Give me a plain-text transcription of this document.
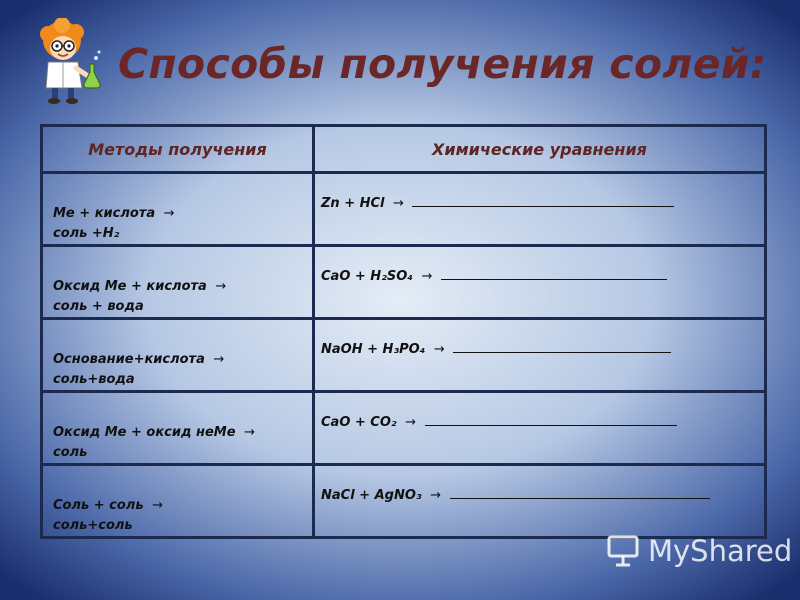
Способы получения солей:
Методы получения	Химические уравнения

Ме + кислота →
соль +Н₂	Zn + HCl →

Оксид Ме + кислота →
соль + вода	CaO + H₂SO₄ →

Основание+кислота →
соль+вода	NaOH + H₃PO₄ →

Оксид Ме + оксид неМе →
соль	CaO + CO₂ →

Соль + соль →
соль+соль	NaCl + AgNO₃ →
MyShared
